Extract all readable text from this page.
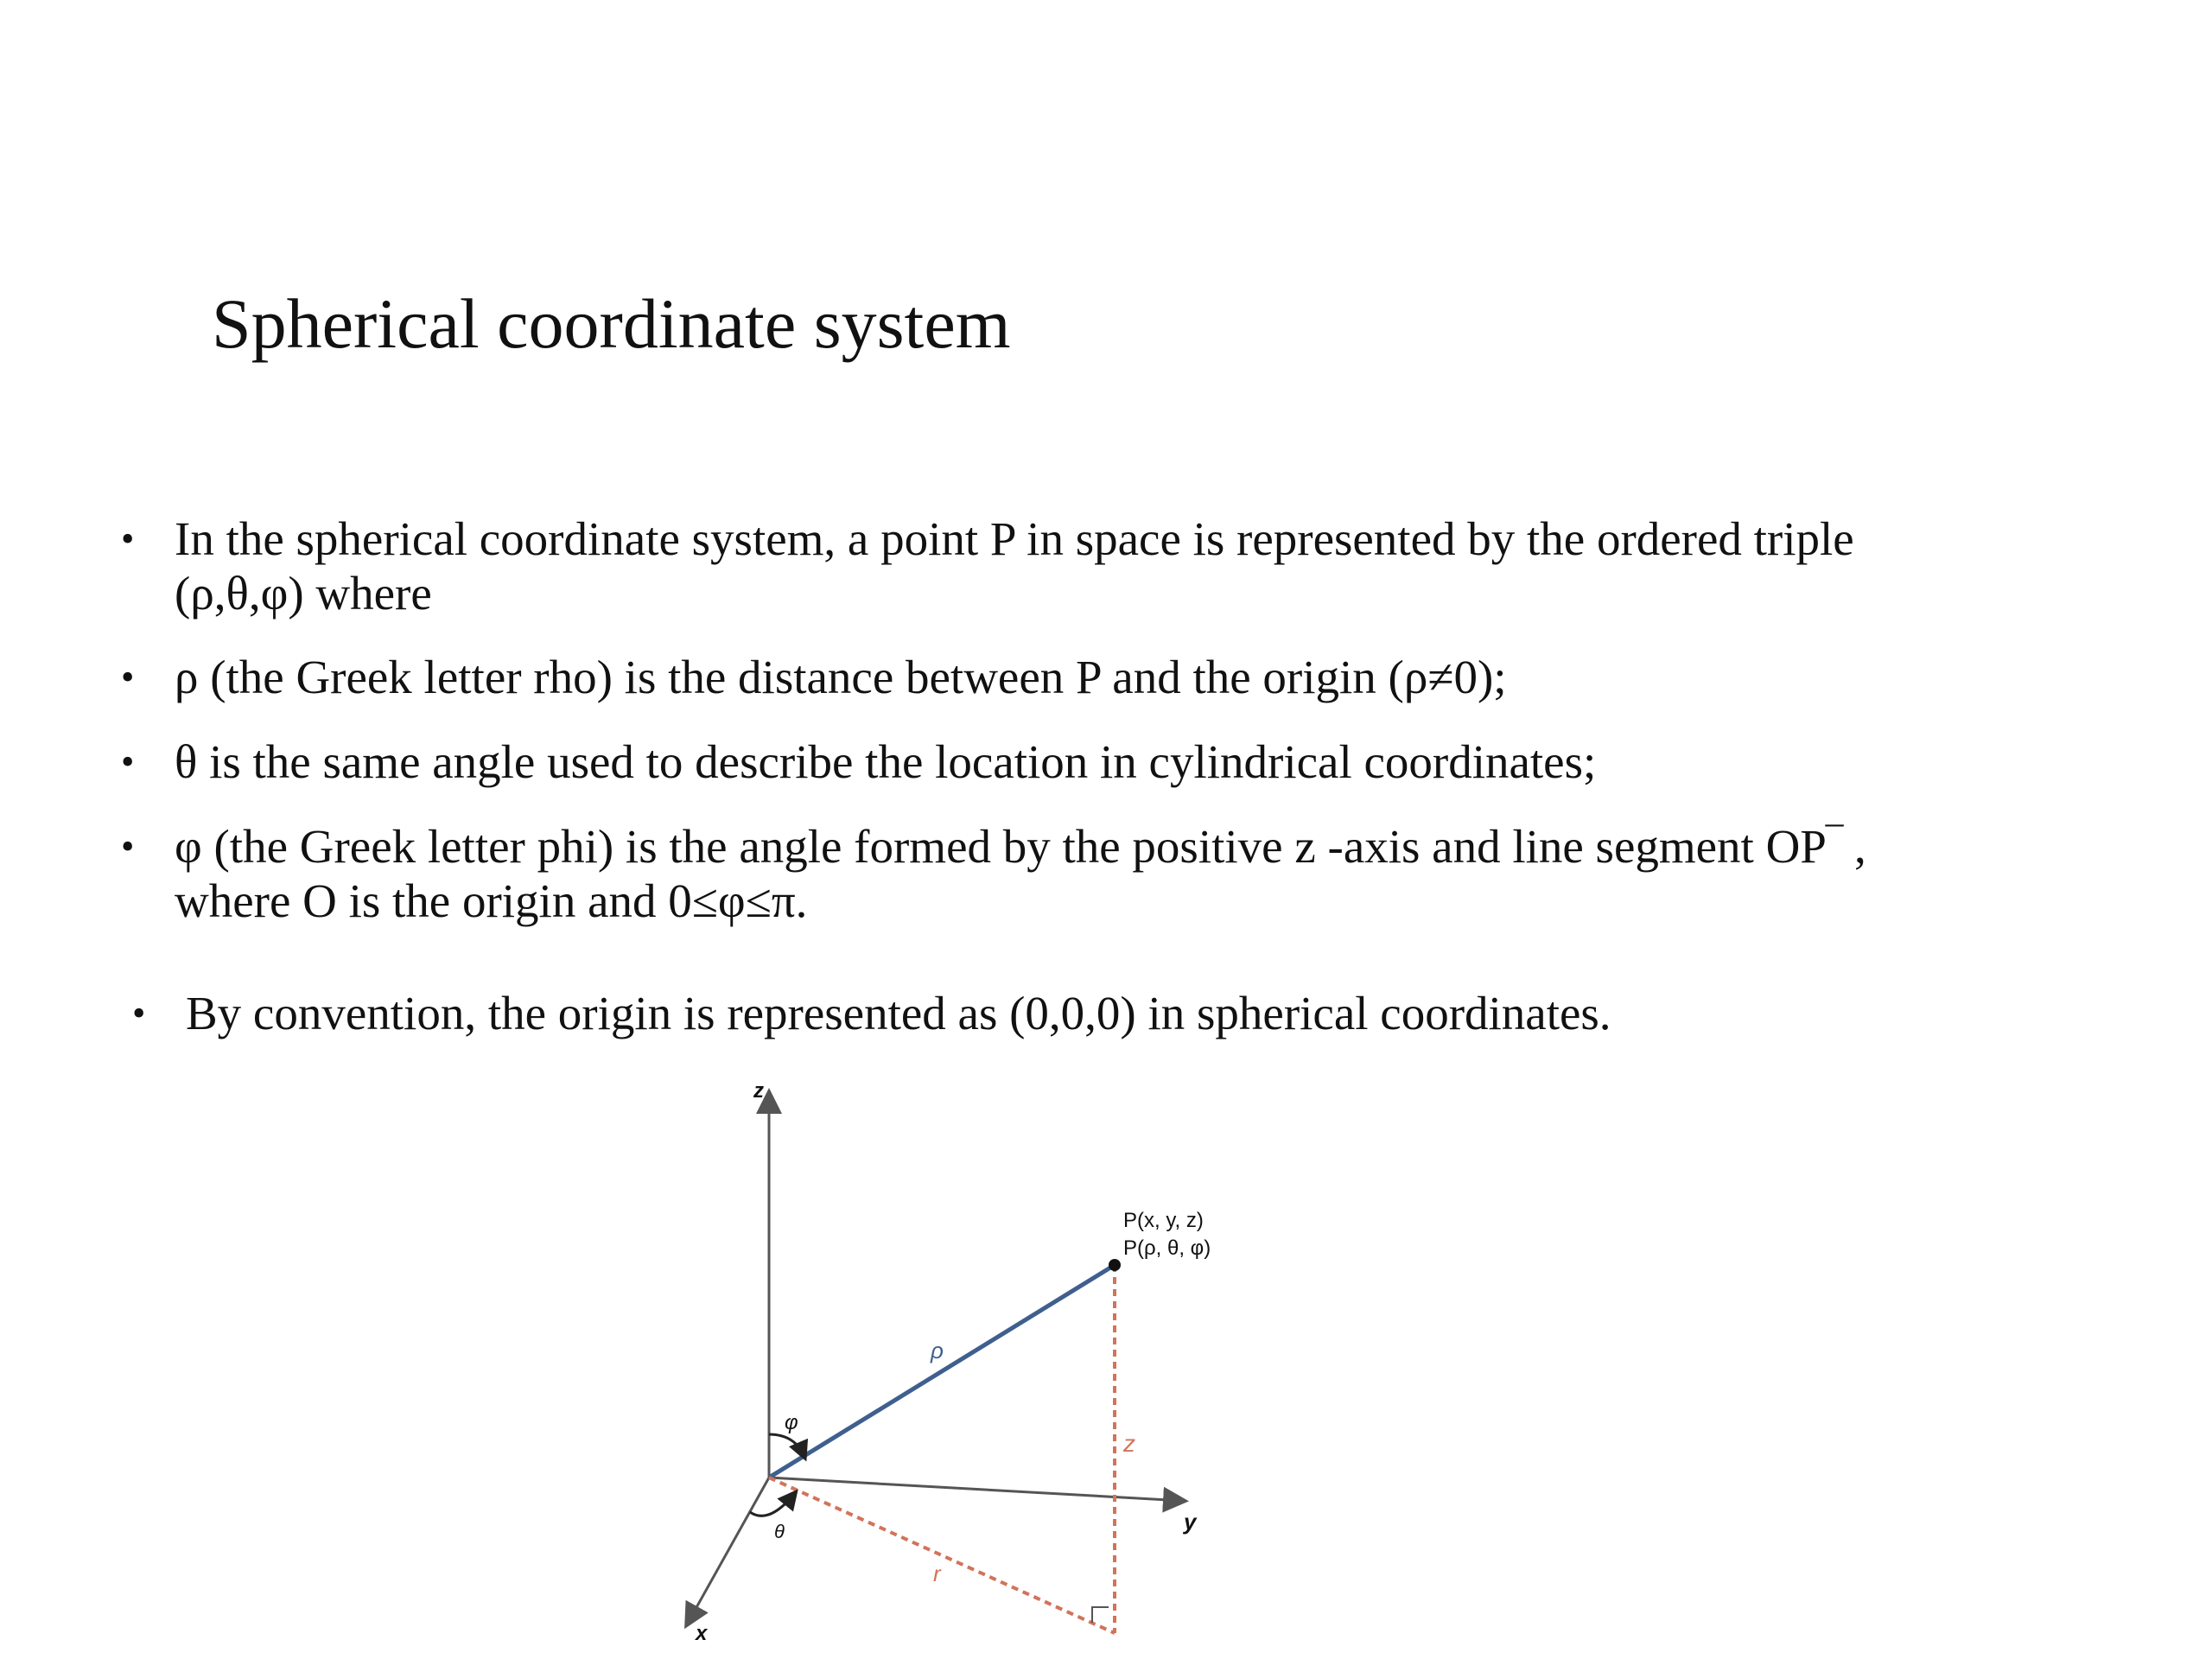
Spherical coordinate system
• In the spherical coordinate system, a point P in space is represented by the ordered triple
(ρ,θ,φ) where
• ρ (the Greek letter rho) is the distance between P and the origin (ρ≠0);
• θ is the same angle used to describe the location in cylindrical coordinates;
• φ (the Greek letter phi) is the angle formed by the positive z -axis and line segment OP‾ ,
where O is the origin and 0≤φ≤π.
• By convention, the origin is represented as (0,0,0) in spherical coordinates.
z
y
x
P(x, y, z)
P(ρ, θ, φ)
ρ
φ
θ
z
r
